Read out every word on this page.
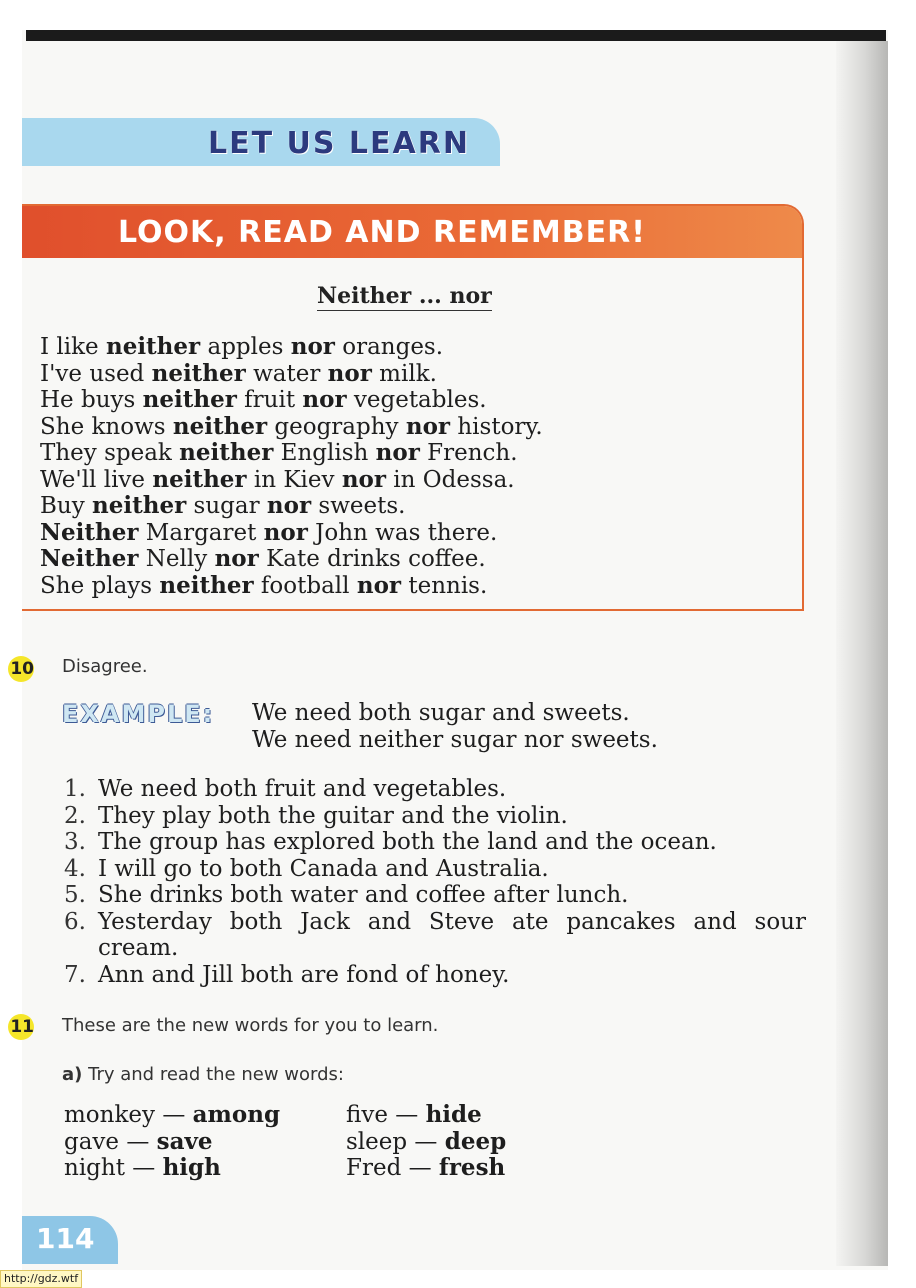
LET US LEARN
LOOK, READ AND REMEMBER!
Neither ... nor
I like neither apples nor oranges.
I've used neither water nor milk.
He buys neither fruit nor vegetables.
She knows neither geography nor history.
They speak neither English nor French.
We'll live neither in Kiev nor in Odessa.
Buy neither sugar nor sweets.
Neither Margaret nor John was there.
Neither Nelly nor Kate drinks coffee.
She plays neither football nor tennis.
10 Disagree.
EXAMPLE: We need both sugar and sweets.
We need neither sugar nor sweets.
1. We need both fruit and vegetables.
2. They play both the guitar and the violin.
3. The group has explored both the land and the ocean.
4. I will go to both Canada and Australia.
5. She drinks both water and coffee after lunch.
6. Yesterday both Jack and Steve ate pancakes and sour
cream.
7. Ann and Jill both are fond of honey.
11 These are the new words for you to learn.
a) Try and read the new words:
monkey — among
gave — save
night — high
five — hide
sleep — deep
Fred — fresh
114
http://gdz.wtf
